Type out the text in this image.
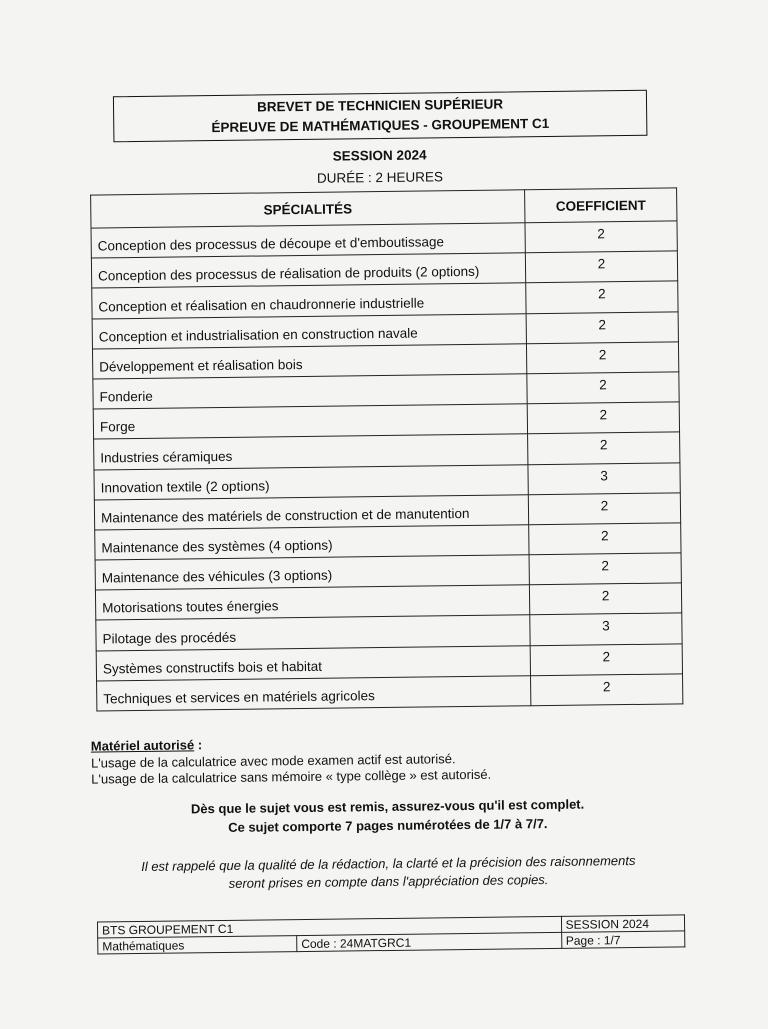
BREVET DE TECHNICIEN SUPÉRIEUR
ÉPREUVE DE MATHÉMATIQUES - GROUPEMENT C1
SESSION 2024
DURÉE : 2 HEURES
SPÉCIALITÉS	COEFFICIENT
Conception des processus de découpe et d'emboutissage	2
Conception des processus de réalisation de produits (2 options)	2
Conception et réalisation en chaudronnerie industrielle	2
Conception et industrialisation en construction navale	2
Développement et réalisation bois	2
Fonderie	2
Forge	2
Industries céramiques	2
Innovation textile (2 options)	3
Maintenance des matériels de construction et de manutention	2
Maintenance des systèmes (4 options)	2
Maintenance des véhicules (3 options)	2
Motorisations toutes énergies	2
Pilotage des procédés	3
Systèmes constructifs bois et habitat	2
Techniques et services en matériels agricoles	2
Matériel autorisé :
L'usage de la calculatrice avec mode examen actif est autorisé.
L'usage de la calculatrice sans mémoire « type collège » est autorisé.
Dès que le sujet vous est remis, assurez-vous qu'il est complet.
Ce sujet comporte 7 pages numérotées de 1/7 à 7/7.
Il est rappelé que la qualité de la rédaction, la clarté et la précision des raisonnements
seront prises en compte dans l'appréciation des copies.
BTS GROUPEMENT C1		SESSION 2024
Mathématiques	Code : 24MATGRC1	Page : 1/7
